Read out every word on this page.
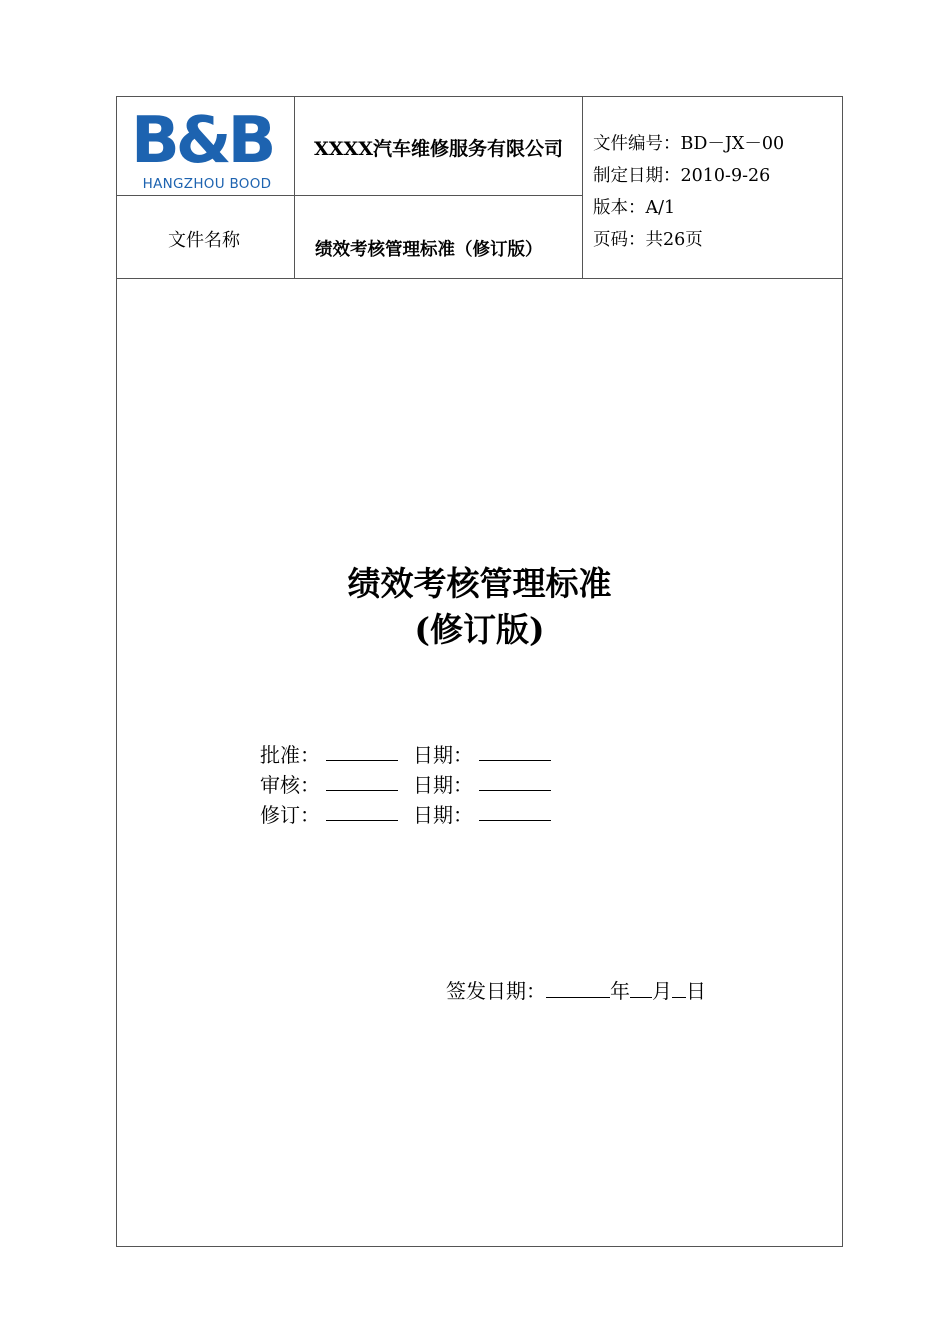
B&B
HANGZHOU BOOD
XXXX汽车维修服务有限公司
文件名称	绩效考核管理标准（修订版）
文件编号：BD－JX－00
制定日期：2010-9-26
版本：A/1
页码：共26页
绩效考核管理标准
(修订版)
批准：	日期：
审核：	日期：
修订：	日期：
签发日期：	年 月 日
